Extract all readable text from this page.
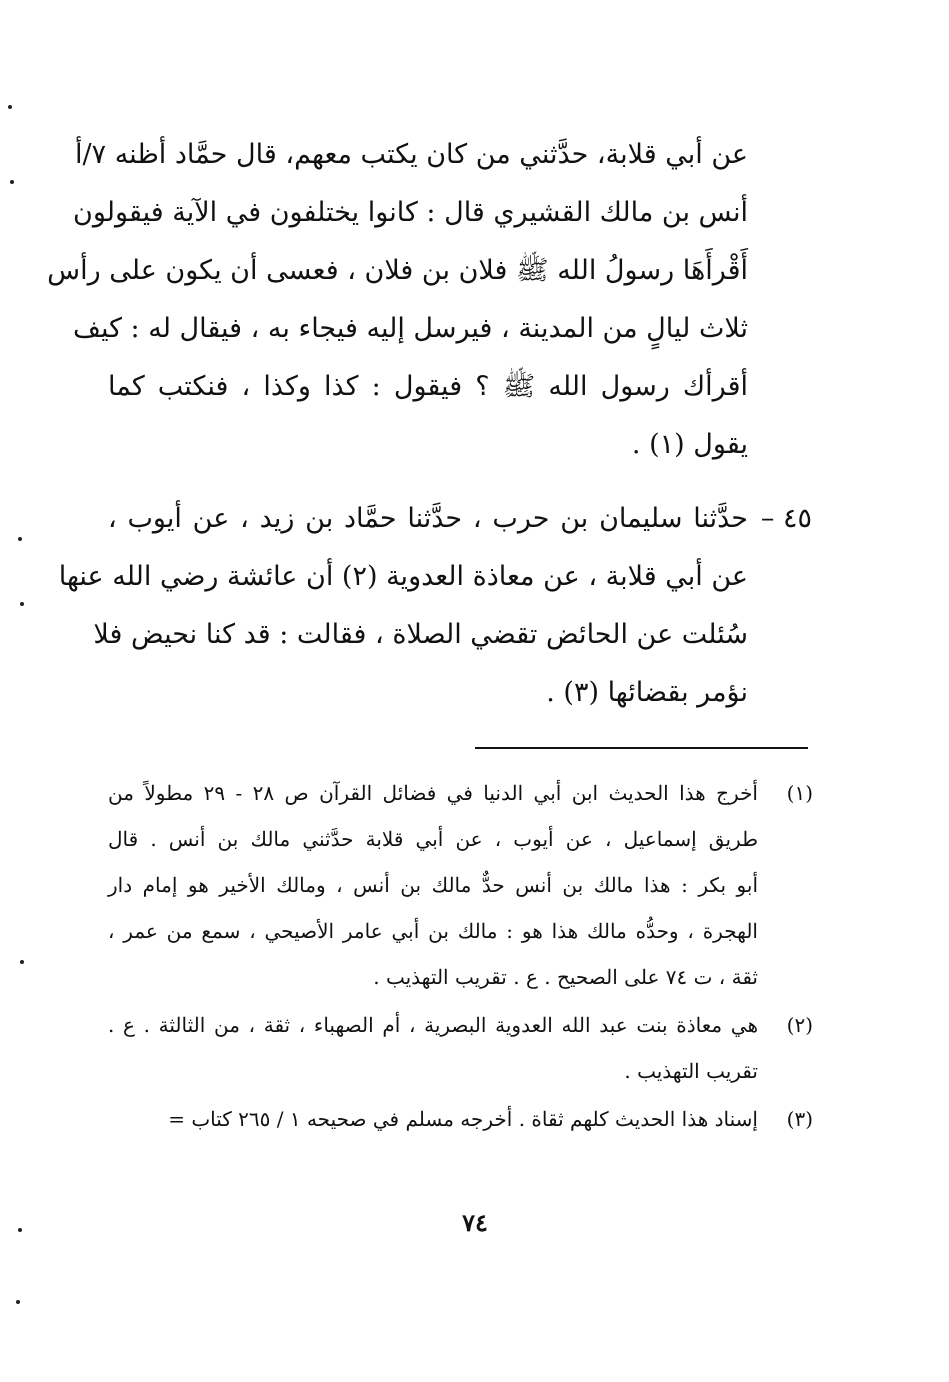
عن أبي قلابة، حدَّثني من كان يكتب معهم، قال حمَّاد أظنه ٧/أ
أنس بن مالك القشيري قال : كانوا يختلفون في الآية فيقولون
أَقْرأَهَا رسولُ الله ﷺ فلان بن فلان ، فعسى أن يكون على رأس
ثلاث ليالٍ من المدينة ، فيرسل إليه فيجاء به ، فيقال له : كيف
أقرأك رسول الله ﷺ ؟ فيقول : كذا وكذا ، فنكتب كما
يقول (١) .
٤٥ –
حدَّثنا سليمان بن حرب ، حدَّثنا حمَّاد بن زيد ، عن أيوب ،
عن أبي قلابة ، عن معاذة العدوية (٢) أن عائشة رضي الله عنها
سُئلت عن الحائض تقضي الصلاة ، فقالت : قد كنا نحيض فلا
نؤمر بقضائها (٣) .
(١)
أخرج هذا الحديث ابن أبي الدنيا في فضائل القرآن ص ٢٨ - ٢٩ مطولاً من
طريق إسماعيل ، عن أيوب ، عن أبي قلابة حدَّثني مالك بن أنس . قال
أبو بكر : هذا مالك بن أنس حدٌّ مالك بن أنس ، ومالك الأخير هو إمام دار
الهجرة ، وحدُّه مالك هذا هو : مالك بن أبي عامر الأصيحي ، سمع من عمر ،
ثقة ، ت ٧٤ على الصحيح . ع . تقريب التهذيب .
(٢)
هي معاذة بنت عبد الله العدوية البصرية ، أم الصهباء ، ثقة ، من الثالثة . ع .
تقريب التهذيب .
(٣)
إسناد هذا الحديث كلهم ثقاة . أخرجه مسلم في صحيحه ١ / ٢٦٥ كتاب =
٧٤
